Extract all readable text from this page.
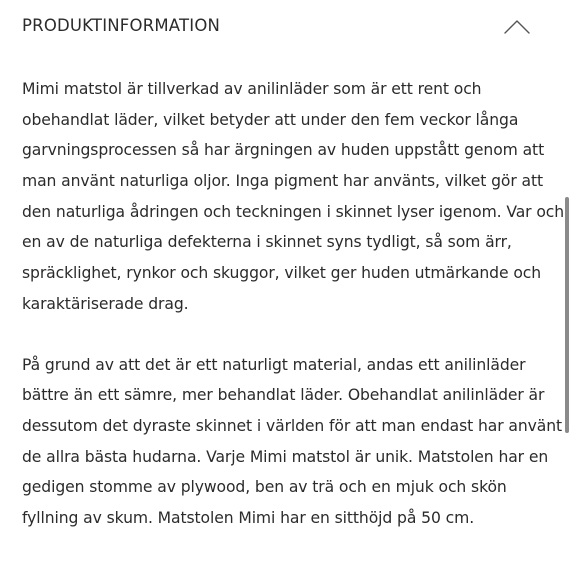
PRODUKTINFORMATION

Mimi matstol är tillverkad av anilinläder som är ett rent och
obehandlat läder, vilket betyder att under den fem veckor långa
garvningsprocessen så har ärgningen av huden uppstått genom att
man använt naturliga oljor. Inga pigment har använts, vilket gör att
den naturliga ådringen och teckningen i skinnet lyser igenom. Var och
en av de naturliga defekterna i skinnet syns tydligt, så som ärr,
spräcklighet, rynkor och skuggor, vilket ger huden utmärkande och
karaktäriserade drag.

På grund av att det är ett naturligt material, andas ett anilinläder
bättre än ett sämre, mer behandlat läder. Obehandlat anilinläder är
dessutom det dyraste skinnet i världen för att man endast har använt
de allra bästa hudarna. Varje Mimi matstol är unik. Matstolen har en
gedigen stomme av plywood, ben av trä och en mjuk och skön
fyllning av skum. Matstolen Mimi har en sitthöjd på 50 cm.
